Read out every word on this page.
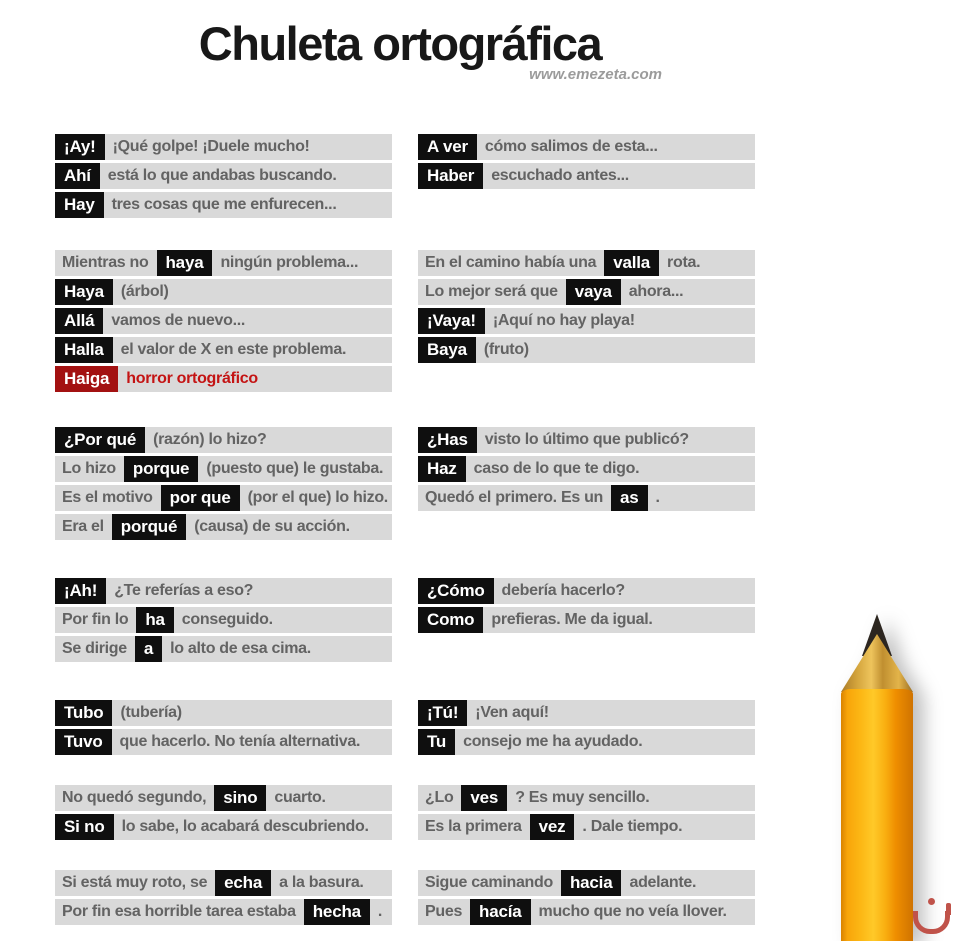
Chuleta ortográfica
www.emezeta.com
¡Ay!	¡Qué golpe! ¡Duele mucho!
Ahí	está lo que andabas buscando.
Hay	tres cosas que me enfurecen...
Mientras no	haya	ningún problema...
Haya	(árbol)
Allá	vamos de nuevo...
Halla	el valor de X en este problema.
Haiga	horror ortográfico
¿Por qué	(razón) lo hizo?
Lo hizo	porque	(puesto que) le gustaba.
Es el motivo	por que	(por el que) lo hizo.
Era el	porqué	(causa) de su acción.
¡Ah!	¿Te referías a eso?
Por fin lo	ha	conseguido.
Se dirige	a	lo alto de esa cima.
Tubo	(tubería)
Tuvo	que hacerlo. No tenía alternativa.
No quedó segundo,	sino	cuarto.
Si no	lo sabe, lo acabará descubriendo.
Si está muy roto, se	echa	a la basura.
Por fin esa horrible tarea estaba	hecha	.
A ver	cómo salimos de esta...
Haber	escuchado antes...
En el camino había una	valla	rota.
Lo mejor será que	vaya	ahora...
¡Vaya!	¡Aquí no hay playa!
Baya	(fruto)
¿Has	visto lo último que publicó?
Haz	caso de lo que te digo.
Quedó el primero. Es un	as	.
¿Cómo	debería hacerlo?
Como	prefieras. Me da igual.
¡Tú!	¡Ven aquí!
Tu	consejo me ha ayudado.
¿Lo	ves	? Es muy sencillo.
Es la primera	vez	. Dale tiempo.
Sigue caminando	hacia	adelante.
Pues	hacía	mucho que no veía llover.
